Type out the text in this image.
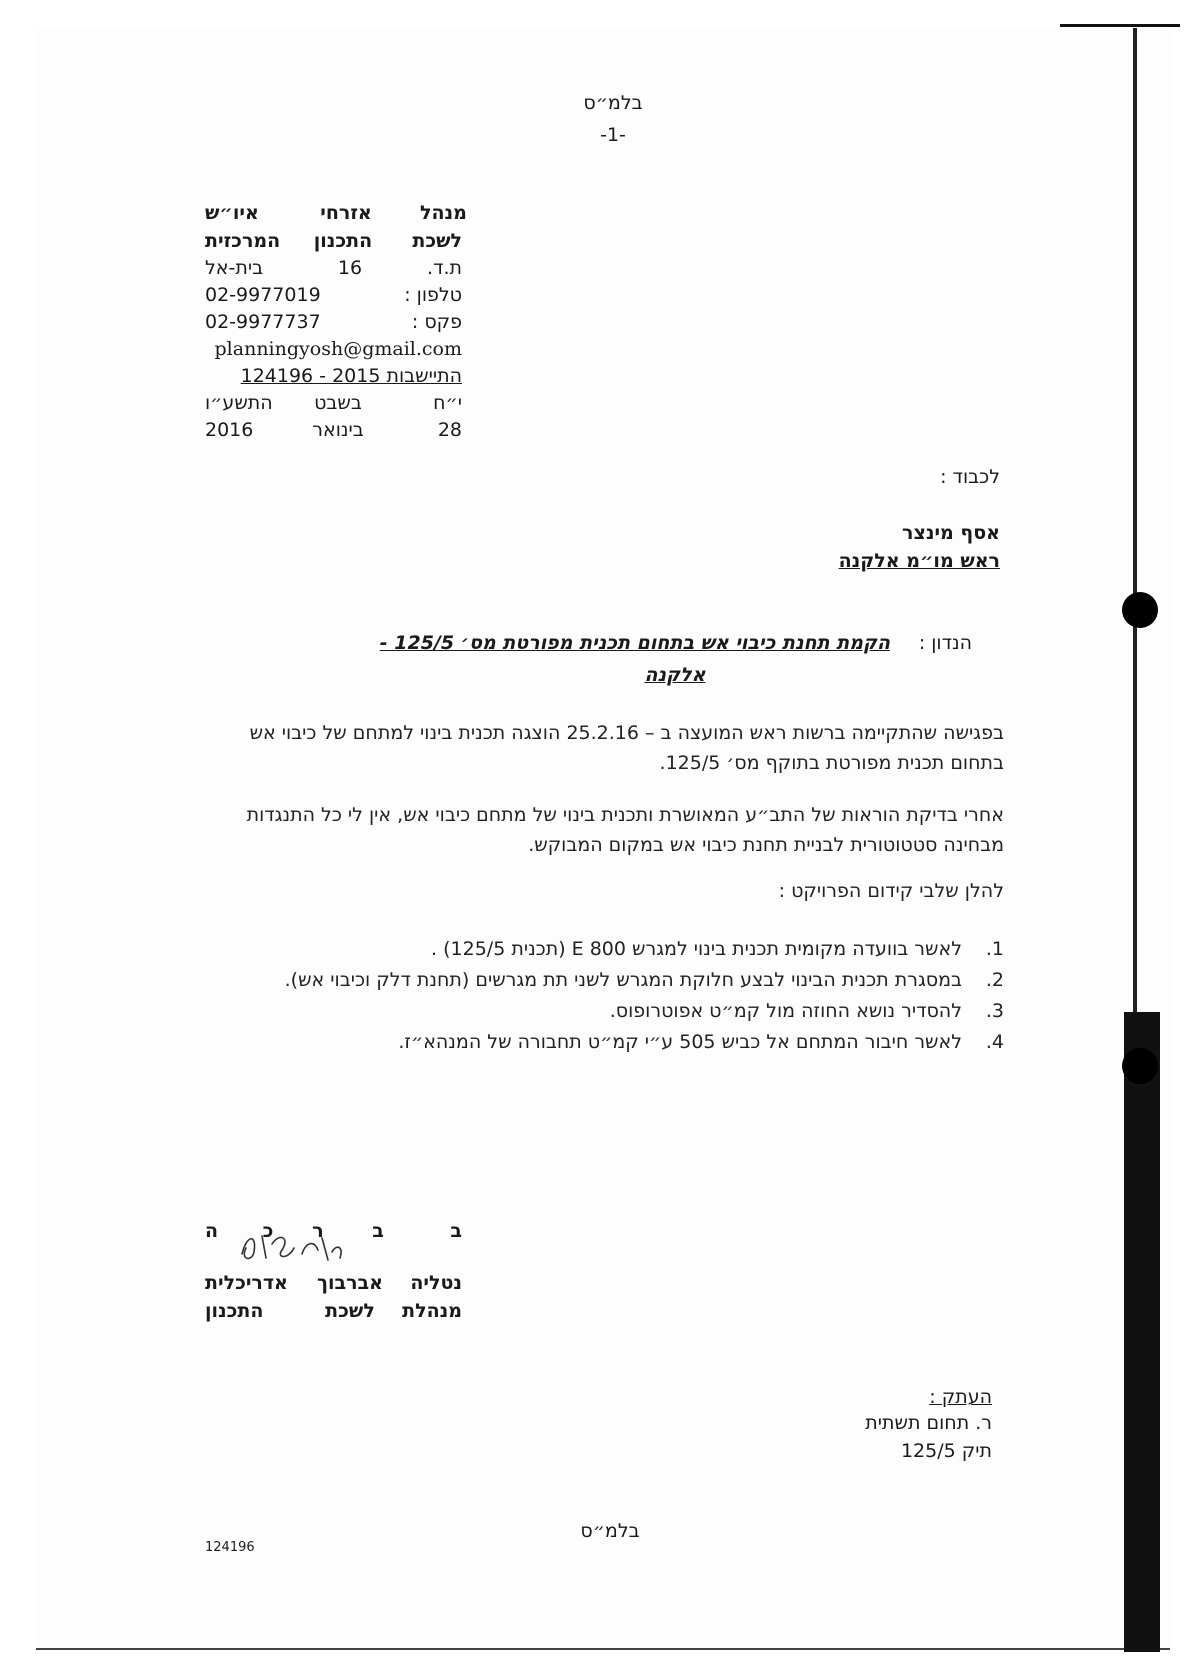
בלמ״ס
-1-
מנהל
אזרחי
איו״ש
לשכת
התכנון
המרכזית
ת.ד.
16
בית-אל
טלפון :
02-9977019
פקס :
02-9977737
planningyosh@gmail.com
התיישבות 2015 - 124196
י״ח
בשבט
התשע״ו
28
בינואר
2016
לכבוד :
אסף מינצר
ראש מו״מ אלקנה
הנדון :
הקמת תחנת כיבוי אש בתחום תכנית מפורטת מס׳ 125/5 -
אלקנה
בפגישה שהתקיימה ברשות ראש המועצה ב – 25.2.16 הוצגה תכנית בינוי למתחם של כיבוי אש בתחום תכנית מפורטת בתוקף מס׳ 125/5.
אחרי בדיקת הוראות של התב״ע המאושרת ותכנית בינוי של מתחם כיבוי אש, אין לי כל התנגדות מבחינה סטטוטורית לבניית תחנת כיבוי אש במקום המבוקש.
להלן שלבי קידום הפרויקט :
1.
לאשר בוועדה מקומית תכנית בינוי למגרש E 800 (תכנית 125/5) .
2.
במסגרת תכנית הבינוי לבצע חלוקת המגרש לשני תת מגרשים (תחנת דלק וכיבוי אש).
3.
להסדיר נושא החוזה מול קמ״ט אפוטרופוס.
4.
לאשר חיבור המתחם אל כביש 505 ע״י קמ״ט תחבורה של המנהא״ז.
ב
ב
ר
כ
ה
נטליה
אברבוך
אדריכלית
מנהלת
לשכת
התכנון
העתק :
ר. תחום תשתית
תיק 125/5
בלמ״ס
124196
